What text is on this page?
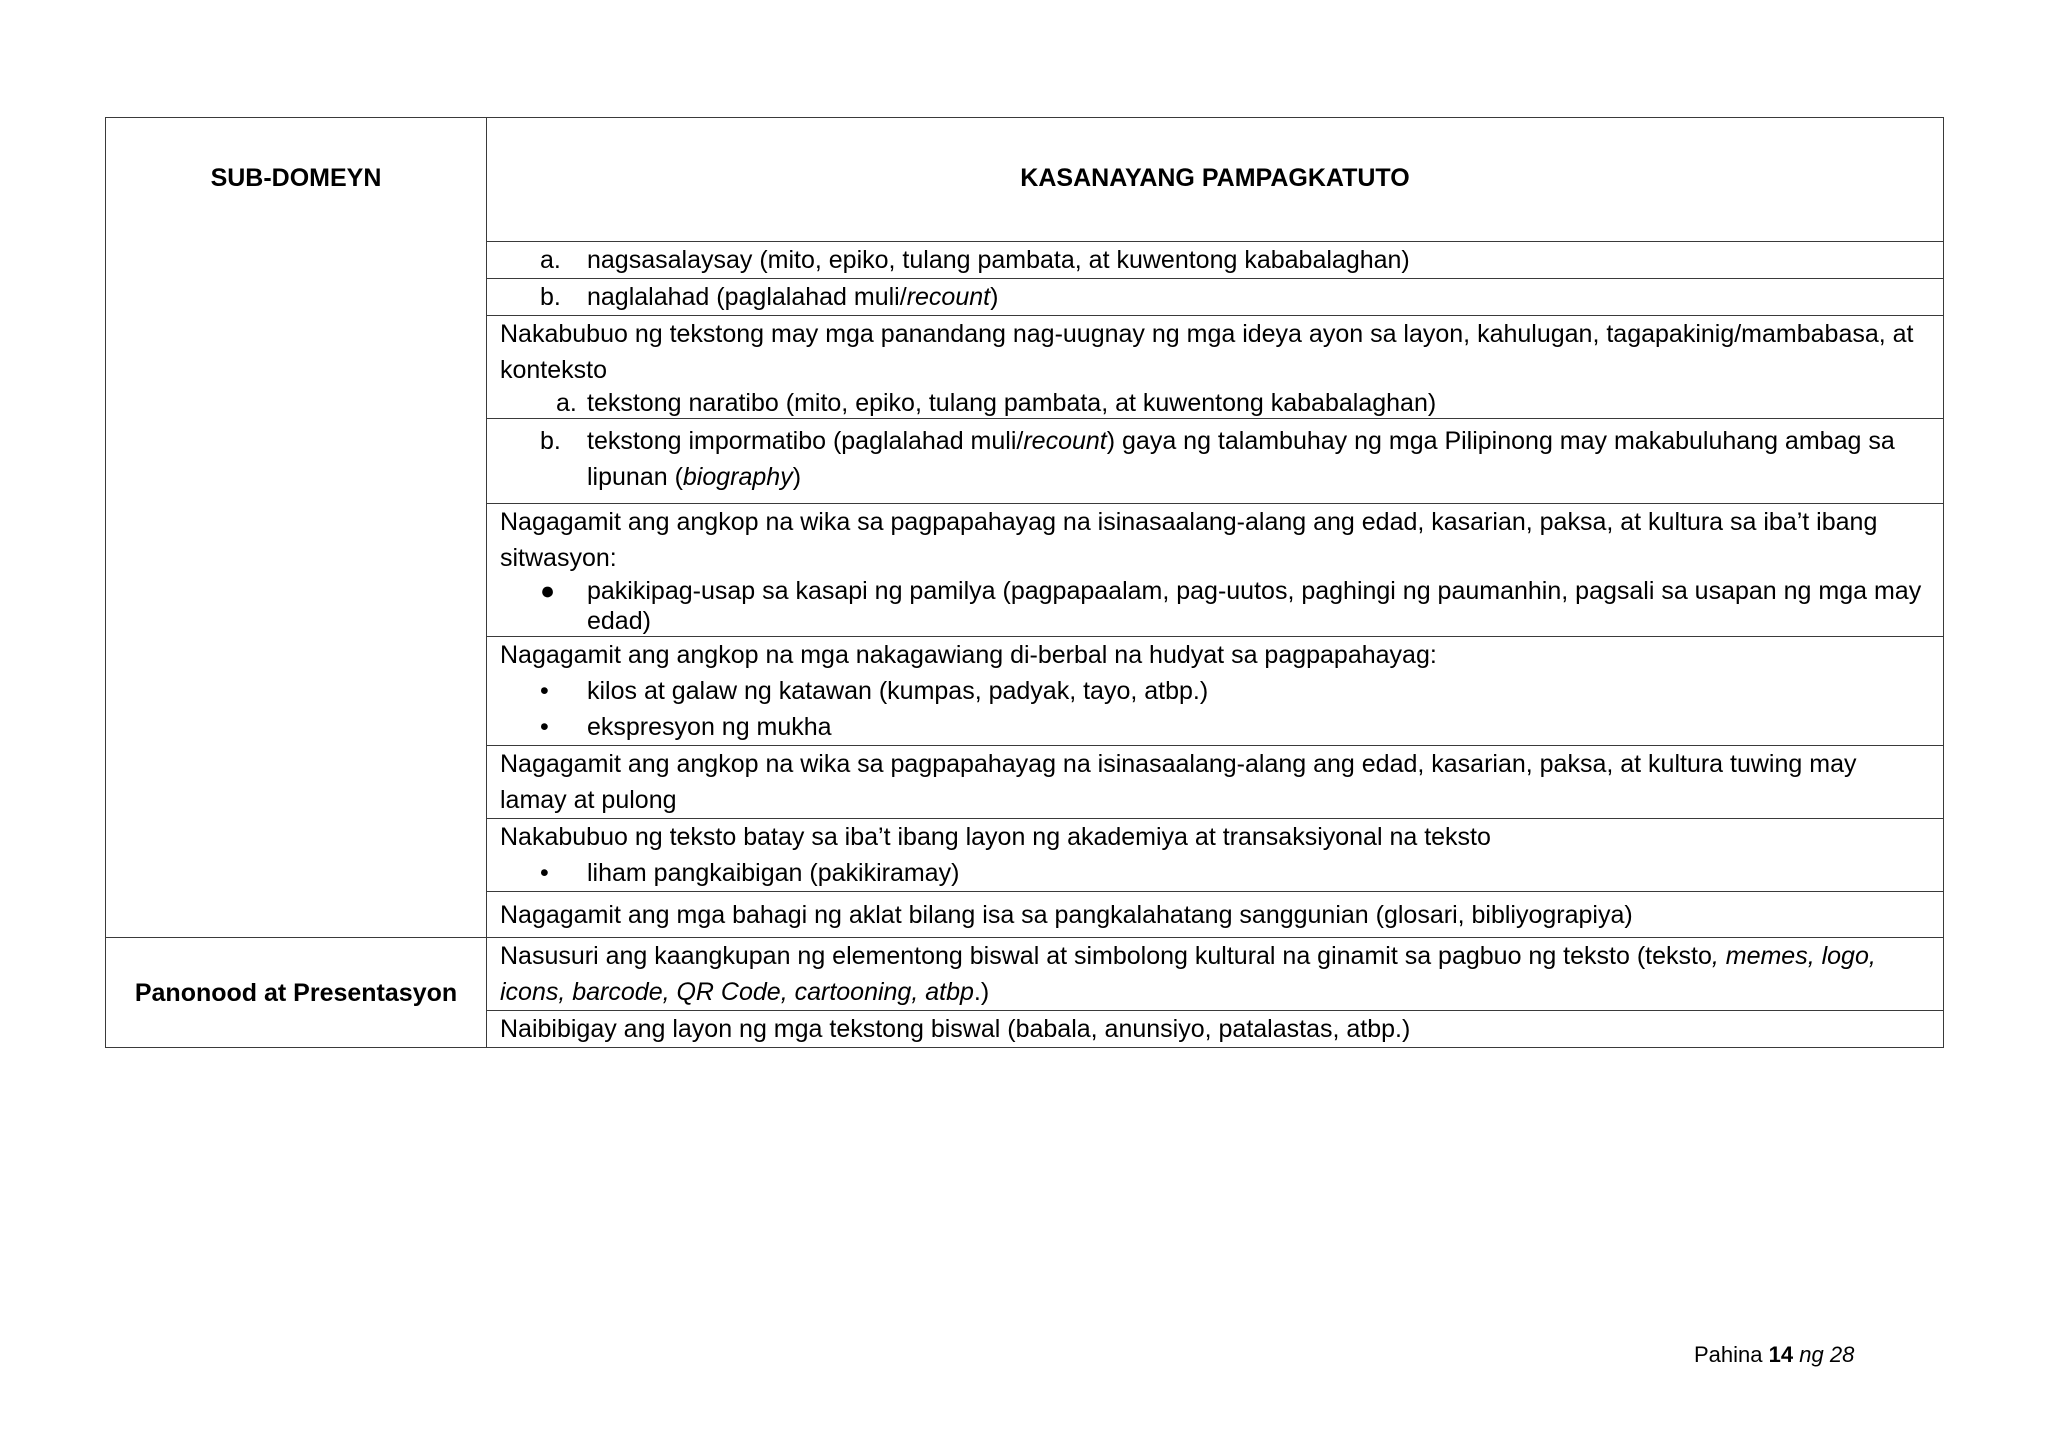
SUB-DOMEYN	KASANAYANG PAMPAGKATUTO

	a. nagsasalaysay (mito, epiko, tulang pambata, at kuwentong kababalaghan)

	b. naglalahad (paglalahad muli/recount)

	Nakabubuo ng tekstong may mga panandang nag-uugnay ng mga ideya ayon sa layon, kahulugan, tagapakinig/mambabasa, at konteksto
a. tekstong naratibo (mito, epiko, tulang pambata, at kuwentong kababalaghan)

	b. tekstong impormatibo (paglalahad muli/recount) gaya ng talambuhay ng mga Pilipinong may makabuluhang ambag sa lipunan (biography)

	Nagagamit ang angkop na wika sa pagpapahayag na isinasaalang-alang ang edad, kasarian, paksa, at kultura sa iba’t ibang sitwasyon:
● pakikipag-usap sa kasapi ng pamilya (pagpapaalam, pag-uutos, paghingi ng paumanhin, pagsali sa usapan ng mga may edad)

	Nagagamit ang angkop na mga nakagawiang di-berbal na hudyat sa pagpapahayag:
• kilos at galaw ng katawan (kumpas, padyak, tayo, atbp.)
• ekspresyon ng mukha

	Nagagamit ang angkop na wika sa pagpapahayag na isinasaalang-alang ang edad, kasarian, paksa, at kultura tuwing may lamay at pulong

	Nakabubuo ng teksto batay sa iba’t ibang layon ng akademiya at transaksiyonal na teksto
• liham pangkaibigan (pakikiramay)

	Nagagamit ang mga bahagi ng aklat bilang isa sa pangkalahatang sanggunian (glosari, bibliyograpiya)

Panonood at Presentasyon	Nasusuri ang kaangkupan ng elementong biswal at simbolong kultural na ginamit sa pagbuo ng teksto (teksto, memes, logo, icons, barcode, QR Code, cartooning, atbp.)

	Naibibigay ang layon ng mga tekstong biswal (babala, anunsiyo, patalastas, atbp.)
Pahina 14 ng 28
